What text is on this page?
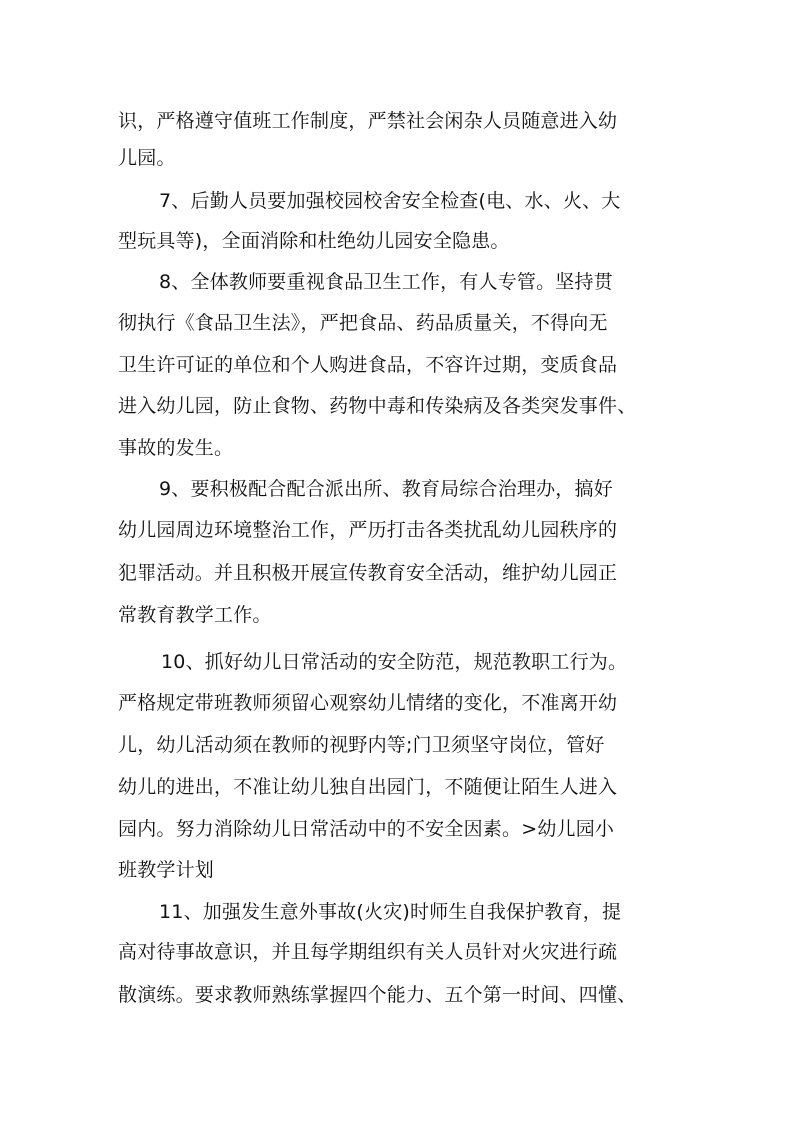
识，严格遵守值班工作制度，严禁社会闲杂人员随意进入幼
儿园。
7、后勤人员要加强校园校舍安全检查(电、水、火、大
型玩具等)，全面消除和杜绝幼儿园安全隐患。
8、全体教师要重视食品卫生工作，有人专管。坚持贯
彻执行《食品卫生法》，严把食品、药品质量关，不得向无
卫生许可证的单位和个人购进食品，不容许过期，变质食品
进入幼儿园，防止食物、药物中毒和传染病及各类突发事件、
事故的发生。
9、要积极配合配合派出所、教育局综合治理办，搞好
幼儿园周边环境整治工作，严历打击各类扰乱幼儿园秩序的
犯罪活动。并且积极开展宣传教育安全活动，维护幼儿园正
常教育教学工作。
10、抓好幼儿日常活动的安全防范，规范教职工行为。
严格规定带班教师须留心观察幼儿情绪的变化，不准离开幼
儿，幼儿活动须在教师的视野内等;门卫须坚守岗位，管好
幼儿的进出，不准让幼儿独自出园门，不随便让陌生人进入
园内。努力消除幼儿日常活动中的不安全因素。>幼儿园小
班教学计划
11、加强发生意外事故(火灾)时师生自我保护教育，提
高对待事故意识，并且每学期组织有关人员针对火灾进行疏
散演练。要求教师熟练掌握四个能力、五个第一时间、四懂、
